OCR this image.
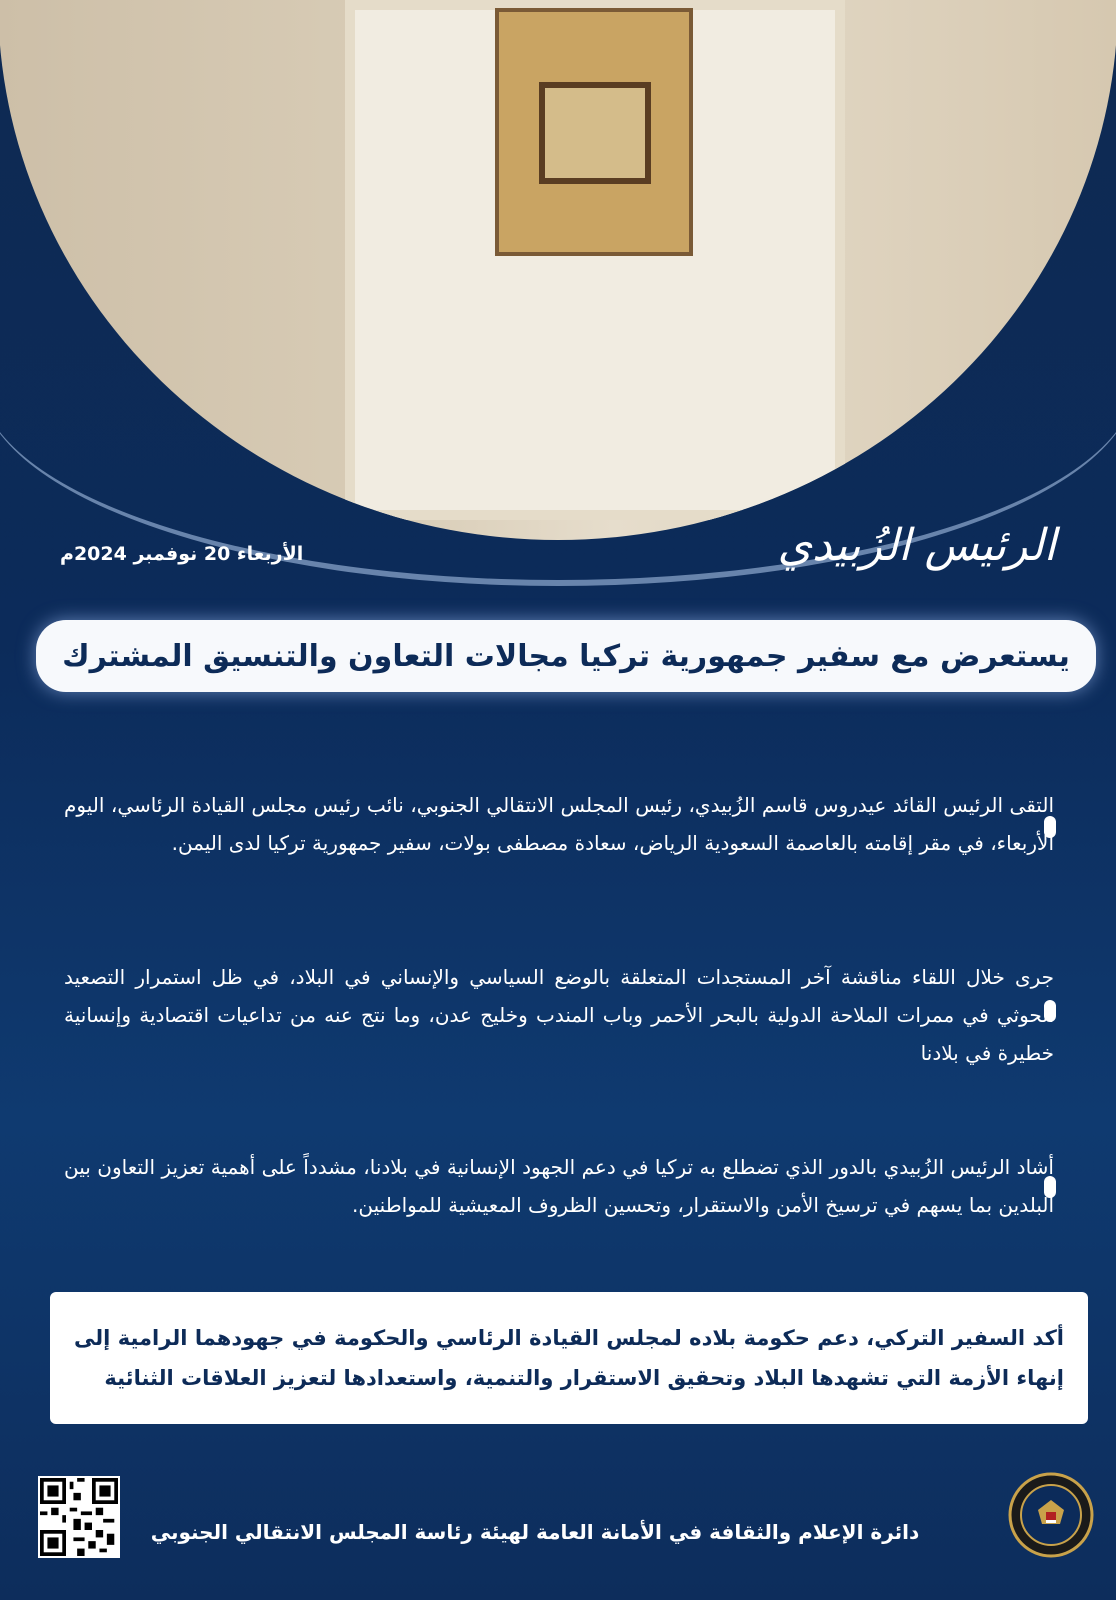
الرئيس الزُبيدي
الأربعاء 20 نوفمبر 2024م
يستعرض مع سفير جمهورية تركيا مجالات التعاون والتنسيق المشترك
التقى الرئيس القائد عيدروس قاسم الزُبيدي، رئيس المجلس الانتقالي الجنوبي، نائب رئيس مجلس القيادة الرئاسي، اليوم الأربعاء، في مقر إقامته بالعاصمة السعودية الرياض، سعادة مصطفى بولات، سفير جمهورية تركيا لدى اليمن.
جرى خلال اللقاء مناقشة آخر المستجدات المتعلقة بالوضع السياسي والإنساني في البلاد، في ظل استمرار التصعيد الحوثي في ممرات الملاحة الدولية بالبحر الأحمر وباب المندب وخليج عدن، وما نتج عنه من تداعيات اقتصادية وإنسانية خطيرة في بلادنا
أشاد الرئيس الزُبيدي بالدور الذي تضطلع به تركيا في دعم الجهود الإنسانية في بلادنا، مشدداً على أهمية تعزيز التعاون بين البلدين بما يسهم في ترسيخ الأمن والاستقرار، وتحسين الظروف المعيشية للمواطنين.
أكد السفير التركي، دعم حكومة بلاده لمجلس القيادة الرئاسي والحكومة في جهودهما الرامية إلى إنهاء الأزمة التي تشهدها البلاد وتحقيق الاستقرار والتنمية، واستعدادها لتعزيز العلاقات الثنائية
دائرة الإعلام والثقافة في الأمانة العامة لهيئة رئاسة المجلس الانتقالي الجنوبي
